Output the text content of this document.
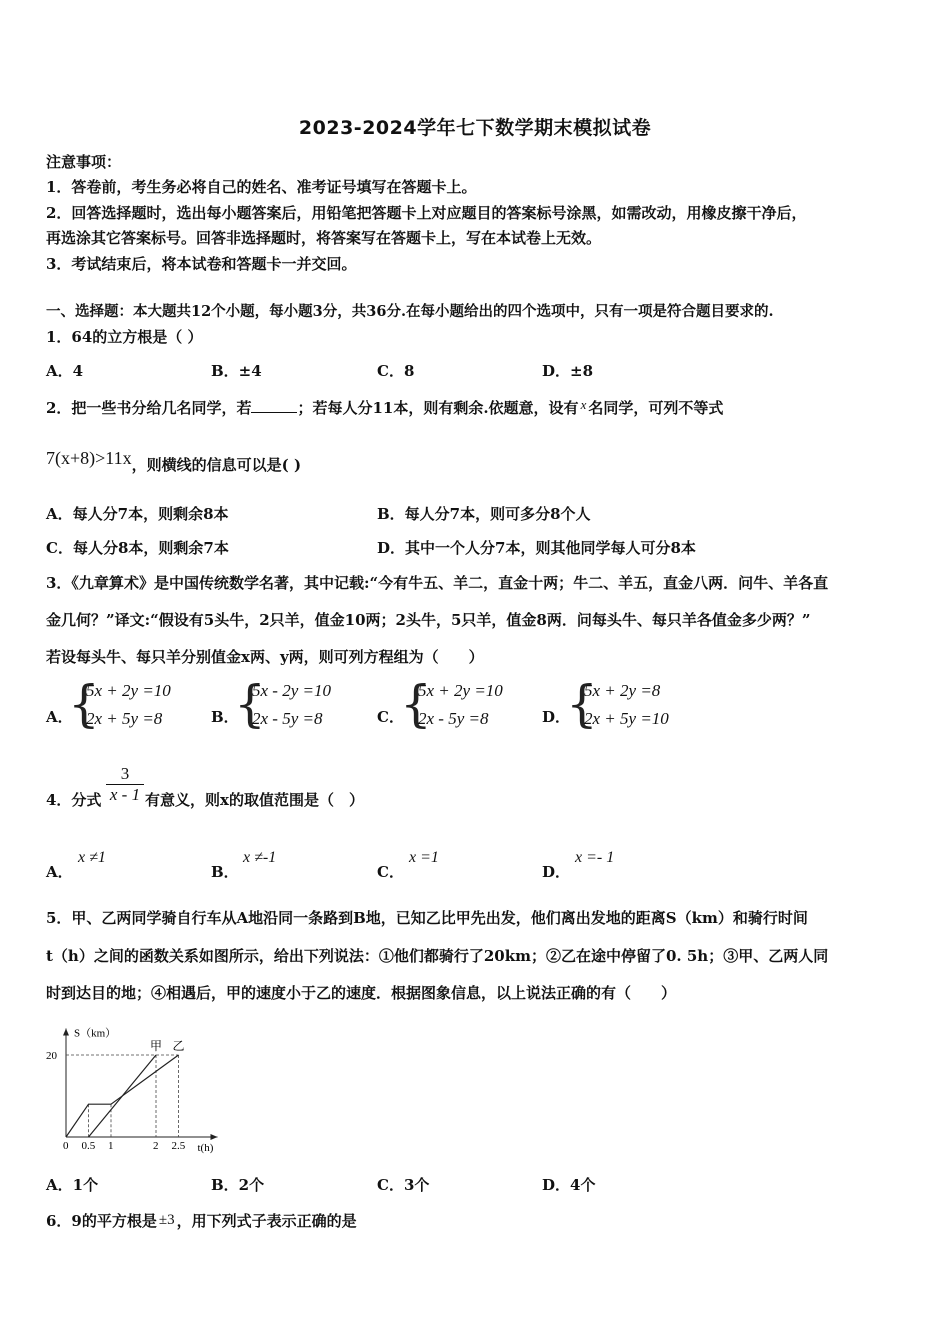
2023-2024学年七下数学期末模拟试卷
注意事项：
1．答卷前，考生务必将自己的姓名、准考证号填写在答题卡上。
2．回答选择题时，选出每小题答案后，用铅笔把答题卡上对应题目的答案标号涂黑，如需改动，用橡皮擦干净后，
再选涂其它答案标号。回答非选择题时，将答案写在答题卡上，写在本试卷上无效。
3．考试结束后，将本试卷和答题卡一并交回。
一、选择题：本大题共12个小题，每小题3分，共36分.在每小题给出的四个选项中，只有一项是符合题目要求的.
1．64的立方根是（ ）
A．4	B．±4	C．8	D．±8
2．把一些书分给几名同学，若	；若每人分11本，则有剩余.依题意，设有 x 名同学，可列不等式
7(x+8)>11x，则横线的信息可以是( )
A．每人分7本，则剩余8本	B．每人分7本，则可多分8个人
C．每人分8本，则剩余7本	D．其中一个人分7本，则其他同学每人可分8本
3．《九章算术》是中国传统数学名著，其中记载:“今有牛五、羊二，直金十两；牛二、羊五，直金八两．问牛、羊各直
金几何？”译文:“假设有5头牛，2只羊，值金10两；2头牛，5只羊，值金8两．问每头牛、每只羊各值金多少两？”
若设每头牛、每只羊分别值金x两、y两，则可列方程组为（　　）
A．
{
5x + 2y =10
2x + 5y =8	B．
{
5x - 2y =10
2x - 5y =8	C．
{
5x + 2y =10
2x - 5y =8	D．
{
5x + 2y =8
2x + 5y =10
4．分式 $\frac{3}{x - 1}$ 有意义，则x的取值范围是（　）
A．
x ≠1
B．
x ≠-1
C．
x =1
D．
x =- 1
5．甲、乙两同学骑自行车从A地沿同一条路到B地，已知乙比甲先出发，他们离出发地的距离S（km）和骑行时间
t（h）之间的函数关系如图所示，给出下列说法：①他们都骑行了20km；②乙在途中停留了0. 5h；③甲、乙两人同
时到达目的地；④相遇后，甲的速度小于乙的速度．根据图象信息，以上说法正确的有（　　）
S（km）
t(h)
0 0.5 1	2 2.5
20
甲 乙
A．1个	B．2个	C．3个	D．4个
6．9的平方根是 ±3 ，用下列式子表示正确的是
